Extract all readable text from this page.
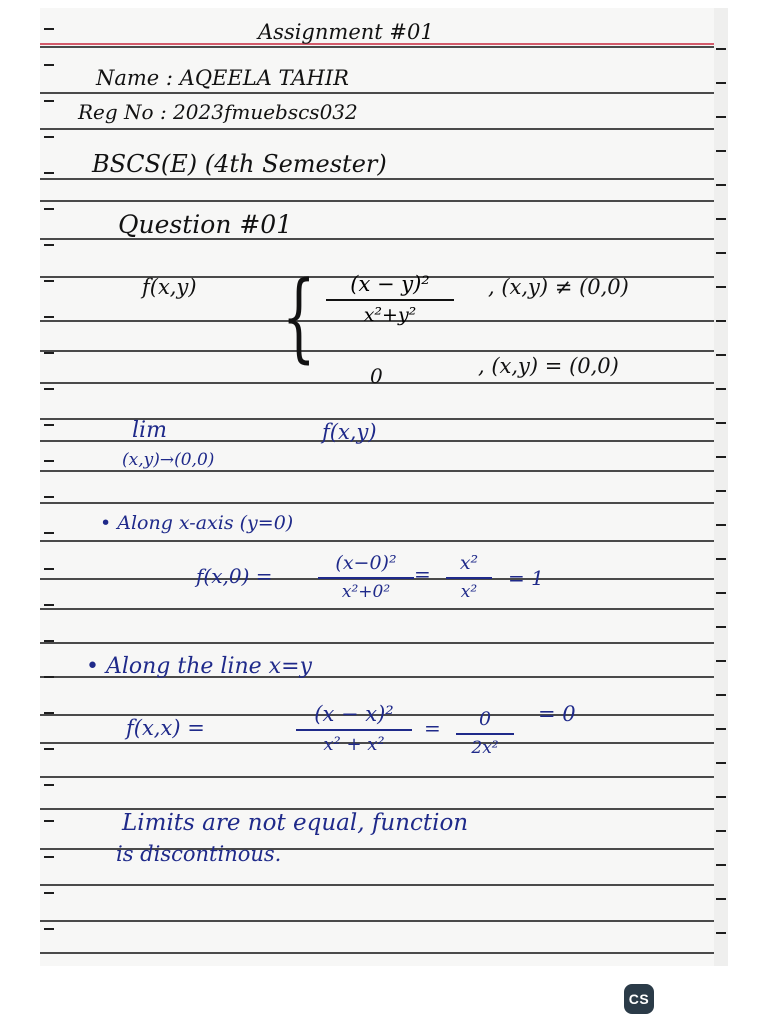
Assignment #01
Name : AQEELA TAHIR
Reg No : 2023fmuebscs032
BSCS(E) (4th Semester)
Question #01
f(x,y) {	(x − y)²
x²+y²
, (x,y) ≠ (0,0)
0	, (x,y) = (0,0)
lim
(x,y)→(0,0)
f(x,y)
• Along x-axis (y=0)
f(x,0) =
(x−0)²
x²+0²
=	x²
x²
= 1
• Along the line x=y
f(x,x) =
(x − x)²
x² + x²
=	0
2x²
= 0
Limits are not equal, function
is discontinous.
CS
